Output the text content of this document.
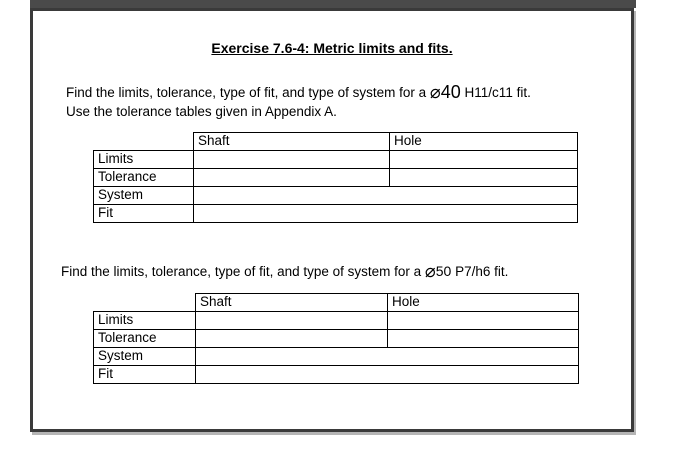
Exercise 7.6-4: Metric limits and fits.
Find the limits, tolerance, type of fit, and type of system for a ⌀40 H11/c11 fit.
Use the tolerance tables given in Appendix A.
	Shaft	Hole
Limits		
Tolerance		
System		
Fit		
Find the limits, tolerance, type of fit, and type of system for a ⌀50 P7/h6 fit.
	Shaft	Hole
Limits		
Tolerance		
System		
Fit		
